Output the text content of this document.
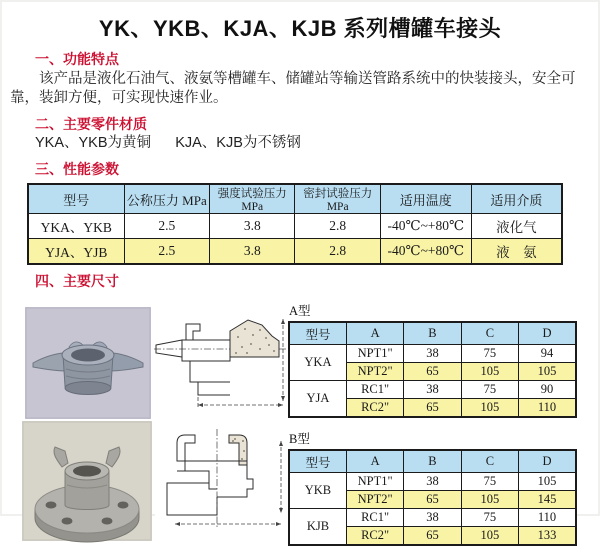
YK、YKB、KJA、KJB 系列槽罐车接头
一、功能特点

该产品是液化石油气、液氨等槽罐车、储罐站等输送管路系统中的快装接头，安全可靠，装卸方便，可实现快速作业。

二、主要零件材质
YKA、YKB为黄铜      KJA、KJB为不锈钢
三、性能参数
型号	公称压力 MPa	强度试验压力MPa	密封试验压力MPa	适用温度	适用介质
YKA、YKB	2.5	3.8	2.8	-40℃~+80℃	液化气
YJA、YJB	2.5	3.8	2.8	-40℃~+80℃	液　氨
四、主要尺寸
A型
型号	A	B	C	D
YKA	NPT1"	38	75	94
	NPT2"	65	105	105
YJA	RC1"	38	75	90
	RC2"	65	105	110
B型
型号	A	B	C	D
YKB	NPT1"	38	75	105
	NPT2"	65	105	145
KJB	RC1"	38	75	110
	RC2"	65	105	133
